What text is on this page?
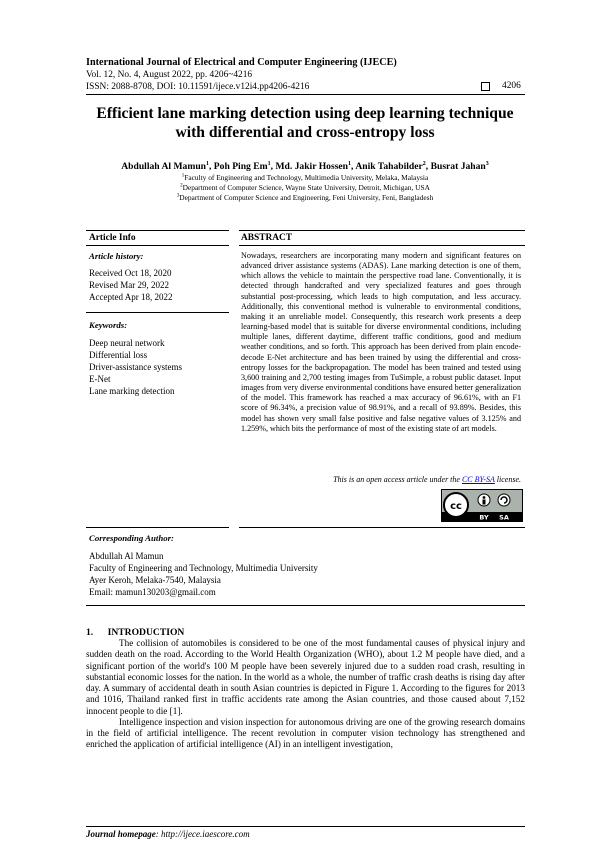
International Journal of Electrical and Computer Engineering (IJECE)
Vol. 12, No. 4, August 2022, pp. 4206~4216
ISSN: 2088-8708, DOI: 10.11591/ijece.v12i4.pp4206-4216	4206
Efficient lane marking detection using deep learning technique
with differential and cross-entropy loss
Abdullah Al Mamun$^1$, Poh Ping Em$^1$, Md. Jakir Hossen$^1$, Anik Tahabilder$^2$, Busrat Jahan$^3$
$^1$Faculty of Engineering and Technology, Multimedia University, Melaka, Malaysia
$^2$Department of Computer Science, Wayne State University, Detroit, Michigan, USA
$^3$Department of Computer Science and Engineering, Feni University, Feni, Bangladesh
Article Info	ABSTRACT
Article history:
Received Oct 18, 2020
Revised Mar 29, 2022
Accepted Apr 18, 2022
Keywords:
Deep neural network
Differential loss
Driver-assistance systems
E-Net
Lane marking detection
Nowadays, researchers are incorporating many modern and significant features on advanced driver assistance systems (ADAS). Lane marking detection is one of them, which allows the vehicle to maintain the perspective road lane. Conventionally, it is detected through handcrafted and very specialized features and goes through substantial post-processing, which leads to high computation, and less accuracy. Additionally, this conventional method is vulnerable to environmental conditions, making it an unreliable model. Consequently, this research work presents a deep learning-based model that is suitable for diverse environmental conditions, including multiple lanes, different daytime, different traffic conditions, good and medium weather conditions, and so forth. This approach has been derived from plain encode-decode E-Net architecture and has been trained by using the differential and cross-entropy losses for the backpropagation. The model has been trained and tested using 3,600 training and 2,700 testing images from TuSimple, a robust public dataset. Input images from very diverse environmental conditions have ensured better generalization of the model. This framework has reached a max accuracy of 96.61%, with an F1 score of 96.34%, a precision value of 98.91%, and a recall of 93.89%. Besides, this model has shown very small false positive and false negative values of 3.125% and 1.259%, which bits the performance of most of the existing state of art models.
This is an open access article under the CC BY-SA license.
cc
BY SA
Corresponding Author:
Abdullah Al Mamun
Faculty of Engineering and Technology, Multimedia University
Ayer Keroh, Melaka-7540, Malaysia
Email: mamun130203@gmail.com
1.      INTRODUCTION

The collision of automobiles is considered to be one of the most fundamental causes of physical injury and sudden death on the road. According to the World Health Organization (WHO), about 1.2 M people have died, and a significant portion of the world's 100 M people have been severely injured due to a sudden road crash, resulting in substantial economic losses for the nation. In the world as a whole, the number of traffic crash deaths is rising day after day. A summary of accidental death in south Asian countries is depicted in Figure 1. According to the figures for 2013 and 1016, Thailand ranked first in traffic accidents rate among the Asian countries, and those caused about 7,152 innocent people to die [1].

Intelligence inspection and vision inspection for autonomous driving are one of the growing research domains in the field of artificial intelligence. The recent revolution in computer vision technology has strengthened and enriched the application of artificial intelligence (AI) in an intelligent investigation,

Journal homepage: http://ijece.iaescore.com
